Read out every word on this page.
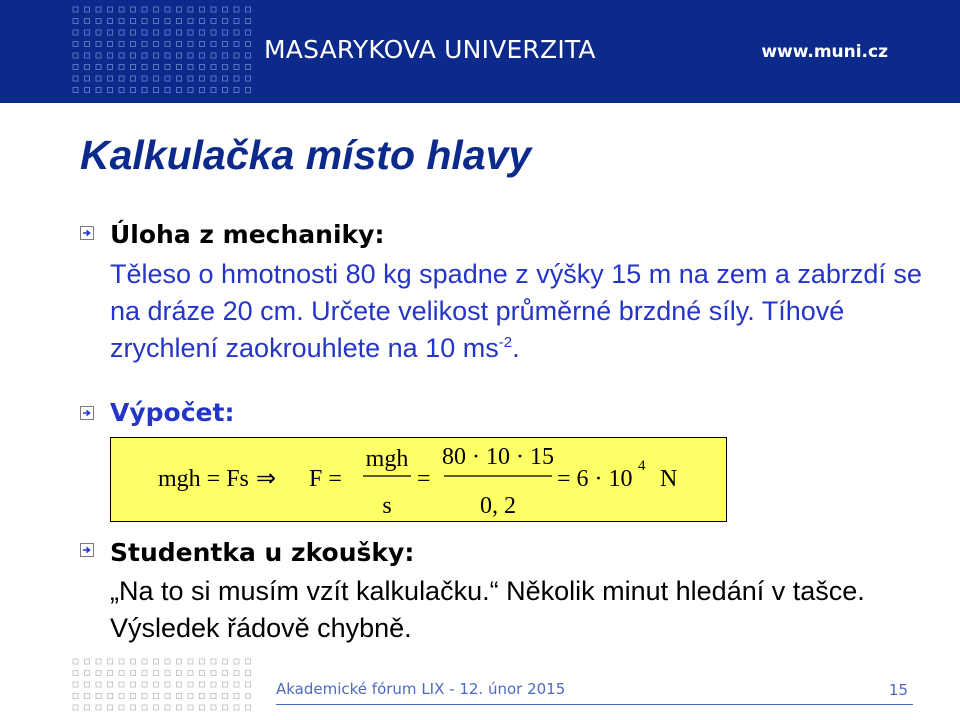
MASARYKOVA UNIVERZITA	www.muni.cz
Kalkulačka místo hlavy
Úloha z mechaniky:

Těleso o hmotnosti 80 kg spadne z výšky 15 m na zem a zabrzdí se na dráze 20 cm. Určete velikost průměrné brzdné síly. Tíhové zrychlení zaokrouhlete na 10 $ms^{-2}$.

Výpočet:
mgh = Fs ⇒ F =
mgh
s
=
80 · 10 · 15
0, 2
= 6 · 10 4 N
Studentka u zkoušky:

„Na to si musím vzít kalkulačku.“ Několik minut hledání v tašce. Výsledek řádově chybně.

Akademické fórum LIX - 12. únor 2015	15
